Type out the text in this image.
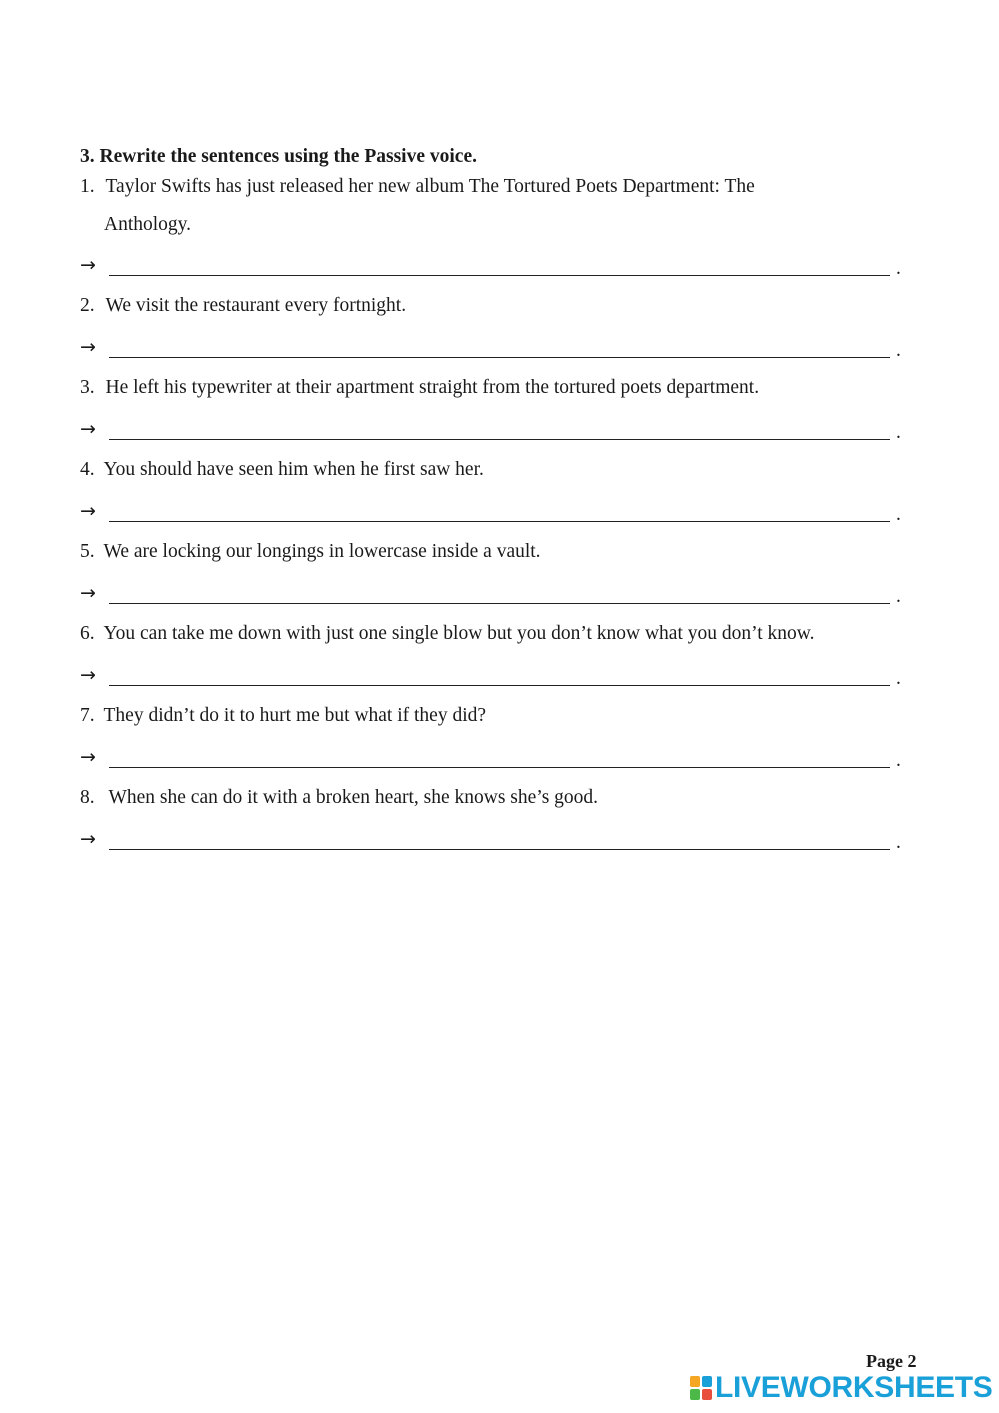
3. Rewrite the sentences using the Passive voice.
1. Taylor Swifts has just released her new album The Tortured Poets Department: The
Anthology.
→	.
2. We visit the restaurant every fortnight.
→	.
3. He left his typewriter at their apartment straight from the tortured poets department.
→	.
4. You should have seen him when he first saw her.
→	.
5. We are locking our longings in lowercase inside a vault.
→	.
6. You can take me down with just one single blow but you don’t know what you don’t know.
→	.
7. They didn’t do it to hurt me but what if they did?
→	.
8. When she can do it with a broken heart, she knows she’s good.
→	.
Page 2
LIVEWORKSHEETS
